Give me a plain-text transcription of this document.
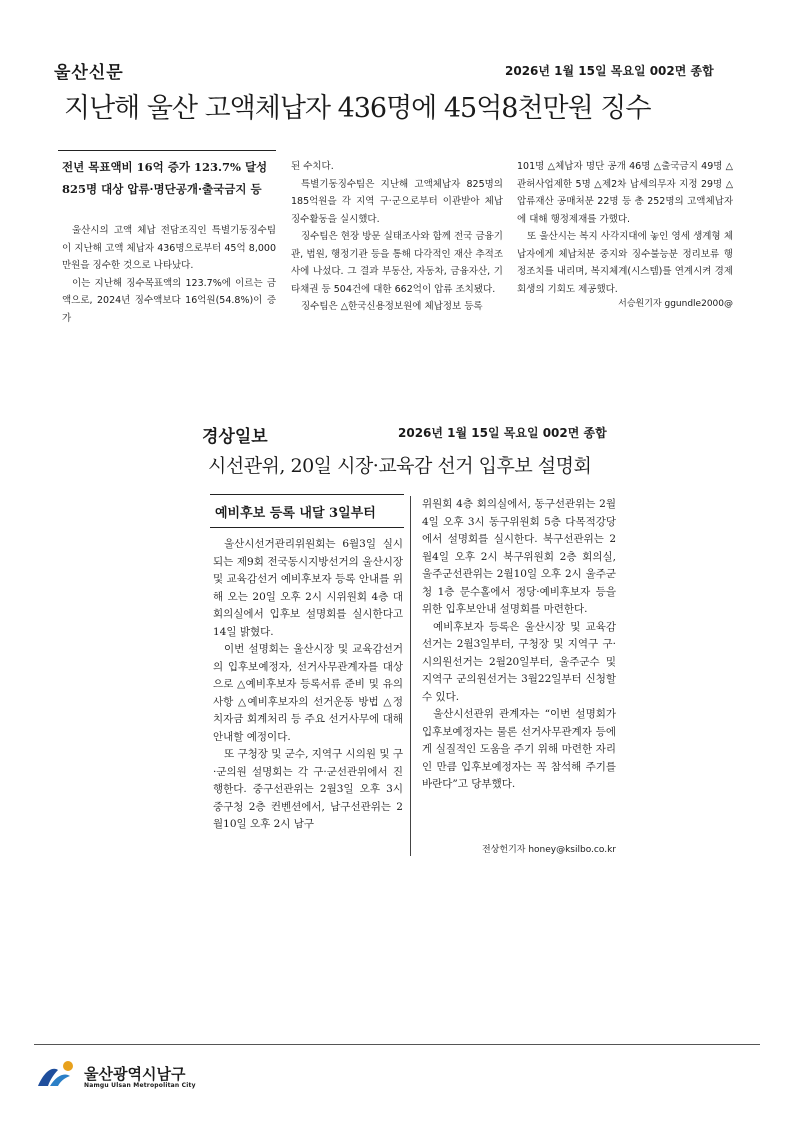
울산신문	2026년 1월 15일 목요일 002면 종합
지난해 울산 고액체납자 436명에 45억8천만원 징수
전년 목표액비 16억 증가 123.7% 달성
825명 대상 압류·명단공개·출국금지 등

울산시의 고액 체납 전담조직인 특별기동징수팀이 지난해 고액 체납자 436명으로부터 45억 8,000만원을 징수한 것으로 나타났다.

이는 지난해 징수목표액의 123.7%에 이르는 금액으로, 2024년 징수액보다 16억원(54.8%)이 증가

된 수치다.

특별기동징수팀은 지난해 고액체납자 825명의 185억원을 각 지역 구·군으로부터 이관받아 체납 징수활동을 실시했다.

징수팀은 현장 방문 실태조사와 함께 전국 금융기관, 법원, 행정기관 등을 통해 다각적인 재산 추적조사에 나섰다. 그 결과 부동산, 자동차, 금융자산, 기타채권 등 504건에 대한 662억이 압류 조치됐다.

징수팀은 △한국신용정보원에 체납정보 등록

101명 △체납자 명단 공개 46명 △출국금지 49명 △관허사업제한 5명 △제2차 납세의무자 지정 29명 △압류재산 공매처분 22명 등 총 252명의 고액체납자에 대해 행정제재를 가했다.

또 울산시는 복지 사각지대에 놓인 영세 생계형 체납자에게 체납처분 중지와 징수불능분 정리보류 행정조치를 내리며, 복지체계(시스템)를 연계시켜 경제 회생의 기회도 제공했다.

서승원기자 ggundle2000@
경상일보	2026년 1월 15일 목요일 002면 종합
시선관위, 20일 시장·교육감 선거 입후보 설명회
예비후보 등록 내달 3일부터

울산시선거관리위원회는 6월3일 실시되는 제9회 전국동시지방선거의 울산시장 및 교육감선거 예비후보자 등록 안내를 위해 오는 20일 오후 2시 시위원회 4층 대회의실에서 입후보 설명회를 실시한다고 14일 밝혔다.

이번 설명회는 울산시장 및 교육감선거의 입후보예정자, 선거사무관계자를 대상으로 △예비후보자 등록서류 준비 및 유의 사항 △예비후보자의 선거운동 방법 △정치자금 회계처리 등 주요 선거사무에 대해 안내할 예정이다.

또 구청장 및 군수, 지역구 시의원 및 구·군의원 설명회는 각 구·군선관위에서 진행한다. 중구선관위는 2월3일 오후 3시 중구청 2층 컨벤션에서, 남구선관위는 2월10일 오후 2시 남구

위원회 4층 회의실에서, 동구선관위는 2월4일 오후 3시 동구위원회 5층 다목적강당에서 설명회를 실시한다. 북구선관위는 2월4일 오후 2시 북구위원회 2층 회의실, 울주군선관위는 2월10일 오후 2시 울주군청 1층 문수홀에서 정당·예비후보자 등을 위한 입후보안내 설명회를 마련한다.

예비후보자 등록은 울산시장 및 교육감선거는 2월3일부터, 구청장 및 지역구 구·시의원선거는 2월20일부터, 울주군수 및 지역구 군의원선거는 3월22일부터 신청할 수 있다.

울산시선관위 관계자는 “이번 설명회가 입후보예정자는 물론 선거사무관계자 등에게 실질적인 도움을 주기 위해 마련한 자리인 만큼 입후보예정자는 꼭 참석해 주기를 바란다”고 당부했다.

전상헌기자 honey@ksilbo.co.kr
울산광역시남구
Namgu Ulsan Metropolitan City
